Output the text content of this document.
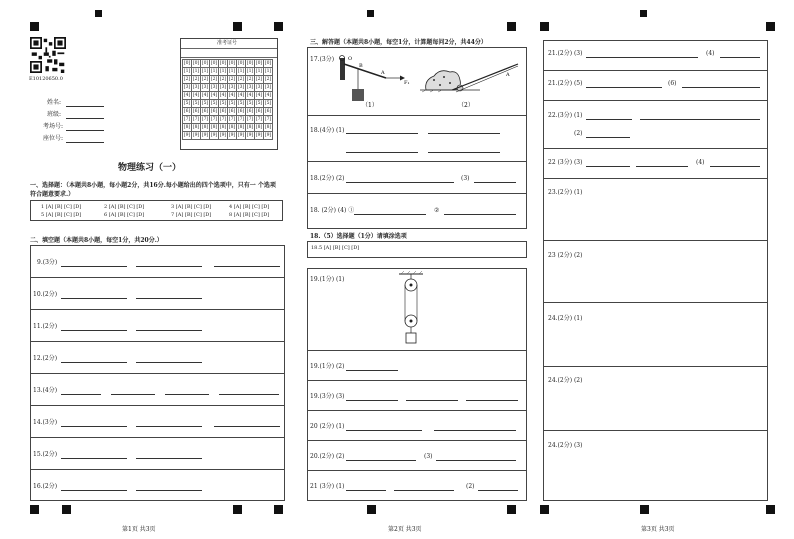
E10120650.0
姓名:
班级:
考场号:
座位号:
准考证号
[0]	[0]	[0]	[0]	[0]	[0]	[0]	[0]	[0]	[0]
[1]	[1]	[1]	[1]	[1]	[1]	[1]	[1]	[1]	[1]
[2]	[2]	[2]	[2]	[2]	[2]	[2]	[2]	[2]	[2]
[3]	[3]	[3]	[3]	[3]	[3]	[3]	[3]	[3]	[3]
[4]	[4]	[4]	[4]	[4]	[4]	[4]	[4]	[4]	[4]
[5]	[5]	[5]	[5]	[5]	[5]	[5]	[5]	[5]	[5]
[6]	[6]	[6]	[6]	[6]	[6]	[6]	[6]	[6]	[6]
[7]	[7]	[7]	[7]	[7]	[7]	[7]	[7]	[7]	[7]
[8]	[8]	[8]	[8]	[8]	[8]	[8]	[8]	[8]	[8]
[9]	[9]	[9]	[9]	[9]	[9]	[9]	[9]	[9]	[9]
物理练习（一）
一、选择题：（本题共8小题，每小题2分，共16分.每小题给出的四个选项中，只有一 个选项符合题意要求.）
1 [A] [B] [C] [D]	2 [A] [B] [C] [D]	3 [A] [B] [C] [D]	4 [A] [B] [C] [D]
5 [A] [B] [C] [D]	6 [A] [B] [C] [D]	7 [A] [B] [C] [D]	8 [A] [B] [C] [D]
二、填空题（本题共8小题，每空1分，共20分.）
9.(3分)
10.(2分)
11.(2分)
12.(2分)
13.(4分)
14.(3分)
15.(2分)
16.(2分)
第1页 共3页
三、解答题（本题共8小题，每空1分，计算题每问2分，共44分）
17.(3分)	O
B
A
F₁
（1）
A
（2）
18.(4分) (1)
18.(2分) (2)	(3)
18. (2分) (4) ①	②
18.（5）选择题（1分）请填涂选项
18.5 [A] [B] [C] [D]
19.(1分) (1)
19.(1分) (2)
19.(3分) (3)
20 (2分) (1)
20.(2分) (2)	(3)
21 (3分) (1)	(2)
第2页 共3页
21.(2分) (3)	(4)
21.(2分) (5)	(6)
22.(3分) (1)
(2)
22 (3分) (3)	(4)
23.(2分) (1)
23 (2分) (2)
24.(2分) (1)
24.(2分) (2)
24.(2分) (3)
第3页 共3页
